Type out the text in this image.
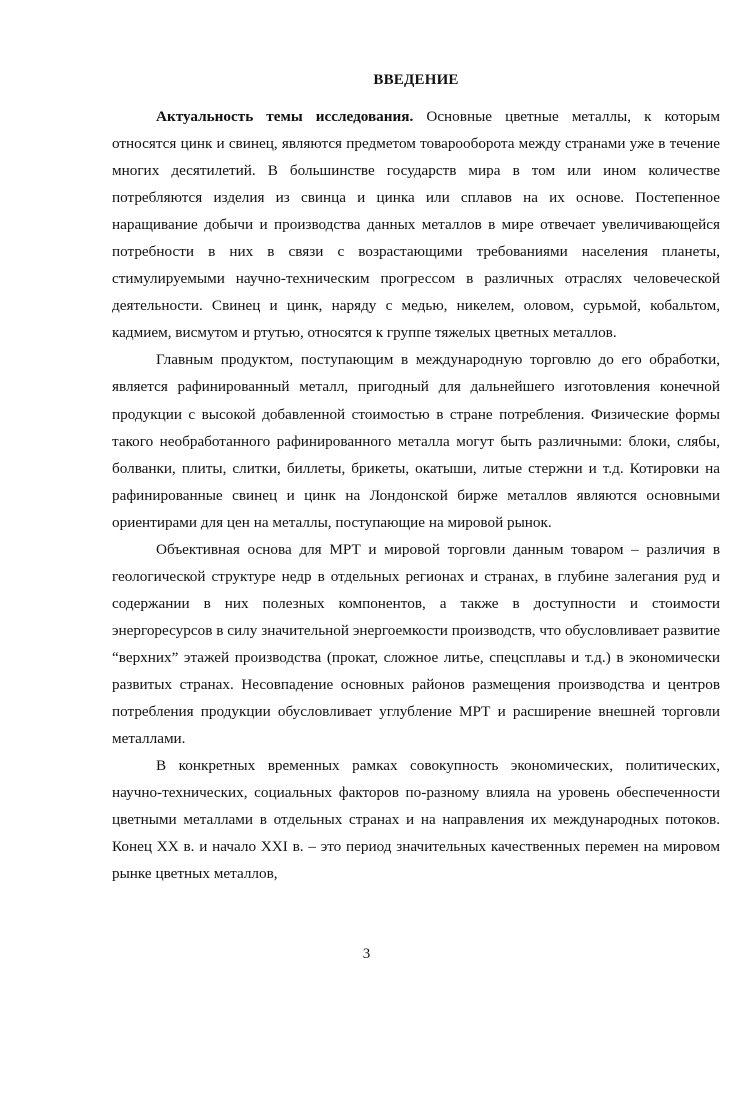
ВВЕДЕНИЕ

Актуальность темы исследования. Основные цветные металлы, к которым относятся цинк и свинец, являются предметом товарооборота между странами уже в течение многих десятилетий. В большинстве государств мира в том или ином количестве потребляются изделия из свинца и цинка или сплавов на их основе. Постепенное наращивание добычи и производства данных металлов в мире отвечает увеличивающейся потребности в них в связи с возрастающими требованиями населения планеты, стимулируемыми научно-техническим прогрессом в различных отраслях человеческой деятельности. Свинец и цинк, наряду с медью, никелем, оловом, сурьмой, кобальтом, кадмием, висмутом и ртутью, относятся к группе тяжелых цветных металлов.

Главным продуктом, поступающим в международную торговлю до его обработки, является рафинированный металл, пригодный для дальнейшего изготовления конечной продукции с высокой добавленной стоимостью в стране потребления. Физические формы такого необработанного рафинированного металла могут быть различными: блоки, слябы, болванки, плиты, слитки, биллеты, брикеты, окатыши, литые стержни и т.д. Котировки на рафинированные свинец и цинк на Лондонской бирже металлов являются основными ориентирами для цен на металлы, поступающие на мировой рынок.

Объективная основа для МРТ и мировой торговли данным товаром – различия в геологической структуре недр в отдельных регионах и странах, в глубине залегания руд и содержании в них полезных компонентов, а также в доступности и стоимости энергоресурсов в силу значительной энергоемкости производств, что обусловливает развитие “верхних” этажей производства (прокат, сложное литье, спецсплавы и т.д.) в экономически развитых странах. Несовпадение основных районов размещения производства и центров потребления продукции обусловливает углубление МРТ и расширение внешней торговли металлами.

В конкретных временных рамках совокупность экономических, политических, научно-технических, социальных факторов по-разному влияла на уровень обеспеченности цветными металлами в отдельных странах и на направления их международных потоков. Конец XX в. и начало XXI в. – это период значительных качественных перемен на мировом рынке цветных металлов,

3
